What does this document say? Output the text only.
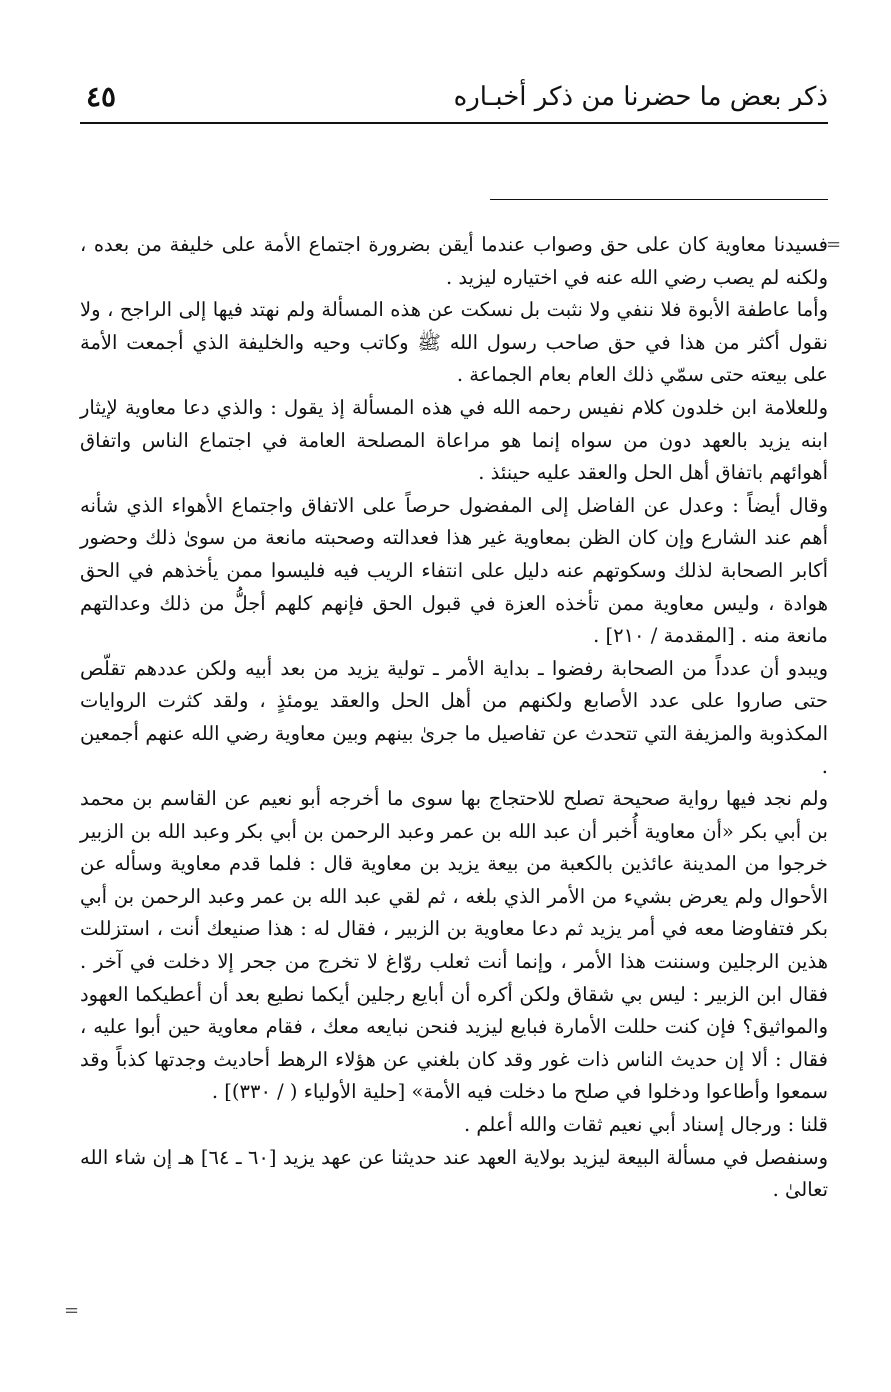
ذكر بعض ما حضرنا من ذكر أخبـاره
٤٥
=

فسيدنا معاوية كان على حق وصواب عندما أيقن بضرورة اجتماع الأمة على خليفة من بعده ، ولكنه لم يصب رضي الله عنه في اختياره ليزيد .

وأما عاطفة الأبوة فلا ننفي ولا نثبت بل نسكت عن هذه المسألة ولم نهتد فيها إلى الراجح ، ولا نقول أكثر من هذا في حق صاحب رسول الله ﷺ وكاتب وحيه والخليفة الذي أجمعت الأمة على بيعته حتى سمّي ذلك العام بعام الجماعة .

وللعلامة ابن خلدون كلام نفيس رحمه الله في هذه المسألة إذ يقول : والذي دعا معاوية لإيثار ابنه يزيد بالعهد دون من سواه إنما هو مراعاة المصلحة العامة في اجتماع الناس واتفاق أهوائهم باتفاق أهل الحل والعقد عليه حينئذ .

وقال أيضاً : وعدل عن الفاضل إلى المفضول حرصاً على الاتفاق واجتماع الأهواء الذي شأنه أهم عند الشارع وإن كان الظن بمعاوية غير هذا فعدالته وصحبته مانعة من سوىٰ ذلك وحضور أكابر الصحابة لذلك وسكوتهم عنه دليل على انتفاء الريب فيه فليسوا ممن يأخذهم في الحق هوادة ، وليس معاوية ممن تأخذه العزة في قبول الحق فإنهم كلهم أجلُّ من ذلك وعدالتهم مانعة منه . [المقدمة / ٢١٠] .

ويبدو أن عدداً من الصحابة رفضوا ـ بداية الأمر ـ تولية يزيد من بعد أبيه ولكن عددهم تقلّص حتى صاروا على عدد الأصابع ولكنهم من أهل الحل والعقد يومئذٍ ، ولقد كثرت الروايات المكذوبة والمزيفة التي تتحدث عن تفاصيل ما جرىٰ بينهم وبين معاوية رضي الله عنهم أجمعين .

ولم نجد فيها رواية صحيحة تصلح للاحتجاج بها سوى ما أخرجه أبو نعيم عن القاسم بن محمد بن أبي بكر «أن معاوية أُخبر أن عبد الله بن عمر وعبد الرحمن بن أبي بكر وعبد الله بن الزبير خرجوا من المدينة عائذين بالكعبة من بيعة يزيد بن معاوية قال : فلما قدم معاوية وسأله عن الأحوال ولم يعرض بشيء من الأمر الذي بلغه ، ثم لقي عبد الله بن عمر وعبد الرحمن بن أبي بكر فتفاوضا معه في أمر يزيد ثم دعا معاوية بن الزبير ، فقال له : هذا صنيعك أنت ، استزللت هذين الرجلين وسننت هذا الأمر ، وإنما أنت ثعلب روّاغ لا تخرج من جحر إلا دخلت في آخر . فقال ابن الزبير : ليس بي شقاق ولكن أكره أن أبايع رجلين أيكما نطيع بعد أن أعطيكما العهود والمواثيق؟ فإن كنت حللت الأمارة فبايع ليزيد فنحن نبايعه معك ، فقام معاوية حين أبوا عليه ، فقال : ألا إن حديث الناس ذات غور وقد كان بلغني عن هؤلاء الرهط أحاديث وجدتها كذباً وقد سمعوا وأطاعوا ودخلوا في صلح ما دخلت فيه الأمة» [حلية الأولياء ( / ٣٣٠)] .

قلنا : ورجال إسناد أبي نعيم ثقات والله أعلم .

وسنفصل في مسألة البيعة ليزيد بولاية العهد عند حديثنا عن عهد يزيد [٦٠ ـ ٦٤] هـ إن شاء الله تعالىٰ .

=
